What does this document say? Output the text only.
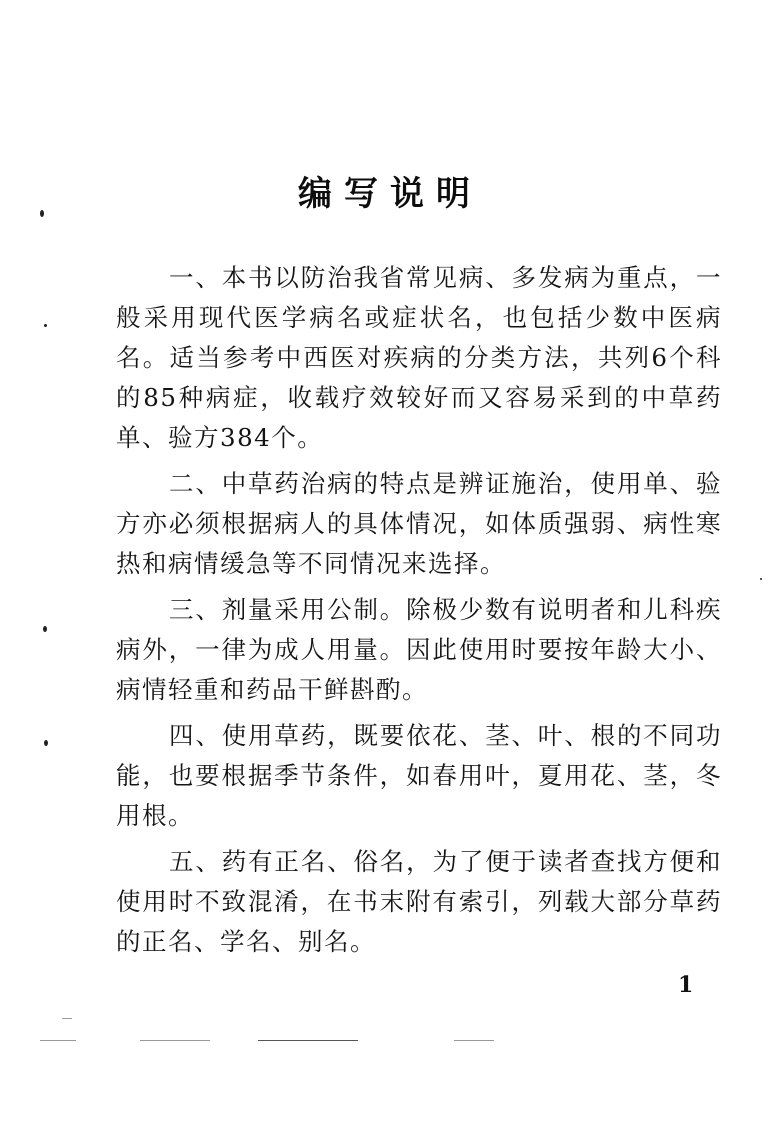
编写说明

一、本书以防治我省常见病、多发病为重点，一般采用现代医学病名或症状名，也包括少数中医病名。适当参考中西医对疾病的分类方法，共列6个科的85种病症，收载疗效较好而又容易采到的中草药单、验方384个。

二、中草药治病的特点是辨证施治，使用单、验方亦必须根据病人的具体情况，如体质强弱、病性寒热和病情缓急等不同情况来选择。

三、剂量采用公制。除极少数有说明者和儿科疾病外，一律为成人用量。因此使用时要按年龄大小、病情轻重和药品干鲜斟酌。

四、使用草药，既要依花、茎、叶、根的不同功能，也要根据季节条件，如春用叶，夏用花、茎，冬用根。

五、药有正名、俗名，为了便于读者查找方便和使用时不致混淆，在书末附有索引，列载大部分草药的正名、学名、别名。

1
